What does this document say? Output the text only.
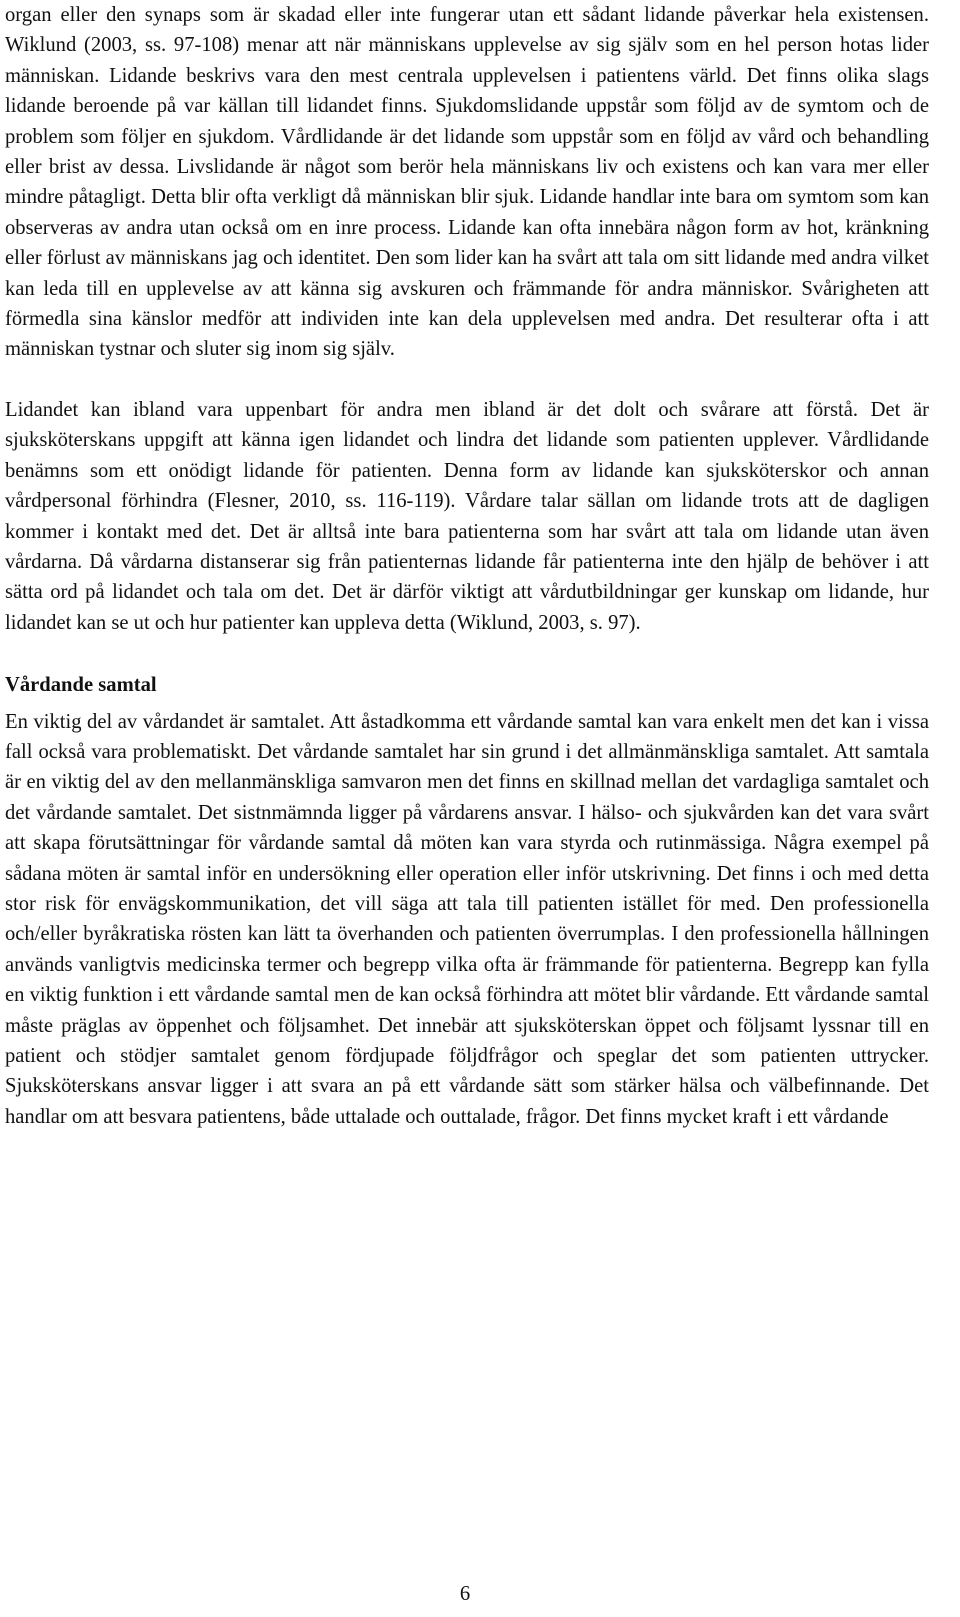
organ eller den synaps som är skadad eller inte fungerar utan ett sådant lidande påverkar hela existensen. Wiklund (2003, ss. 97-108) menar att när människans upplevelse av sig själv som en hel person hotas lider människan. Lidande beskrivs vara den mest centrala upplevelsen i patientens värld. Det finns olika slags lidande beroende på var källan till lidandet finns. Sjukdomslidande uppstår som följd av de symtom och de problem som följer en sjukdom. Vårdlidande är det lidande som uppstår som en följd av vård och behandling eller brist av dessa. Livslidande är något som berör hela människans liv och existens och kan vara mer eller mindre påtagligt. Detta blir ofta verkligt då människan blir sjuk. Lidande handlar inte bara om symtom som kan observeras av andra utan också om en inre process. Lidande kan ofta innebära någon form av hot, kränkning eller förlust av människans jag och identitet. Den som lider kan ha svårt att tala om sitt lidande med andra vilket kan leda till en upplevelse av att känna sig avskuren och främmande för andra människor. Svårigheten att förmedla sina känslor medför att individen inte kan dela upplevelsen med andra. Det resulterar ofta i att människan tystnar och sluter sig inom sig själv.

Lidandet kan ibland vara uppenbart för andra men ibland är det dolt och svårare att förstå. Det är sjuksköterskans uppgift att känna igen lidandet och lindra det lidande som patienten upplever. Vårdlidande benämns som ett onödigt lidande för patienten. Denna form av lidande kan sjuksköterskor och annan vårdpersonal förhindra (Flesner, 2010, ss. 116-119). Vårdare talar sällan om lidande trots att de dagligen kommer i kontakt med det. Det är alltså inte bara patienterna som har svårt att tala om lidande utan även vårdarna. Då vårdarna distanserar sig från patienternas lidande får patienterna inte den hjälp de behöver i att sätta ord på lidandet och tala om det. Det är därför viktigt att vårdutbildningar ger kunskap om lidande, hur lidandet kan se ut och hur patienter kan uppleva detta (Wiklund, 2003, s. 97).

Vårdande samtal

En viktig del av vårdandet är samtalet. Att åstadkomma ett vårdande samtal kan vara enkelt men det kan i vissa fall också vara problematiskt. Det vårdande samtalet har sin grund i det allmänmänskliga samtalet. Att samtala är en viktig del av den mellanmänskliga samvaron men det finns en skillnad mellan det vardagliga samtalet och det vårdande samtalet. Det sistnmämnda ligger på vårdarens ansvar. I hälso- och sjukvården kan det vara svårt att skapa förutsättningar för vårdande samtal då möten kan vara styrda och rutinmässiga. Några exempel på sådana möten är samtal inför en undersökning eller operation eller inför utskrivning. Det finns i och med detta stor risk för envägskommunikation, det vill säga att tala till patienten istället för med. Den professionella och/eller byråkratiska rösten kan lätt ta överhanden och patienten överrumplas. I den professionella hållningen används vanligtvis medicinska termer och begrepp vilka ofta är främmande för patienterna. Begrepp kan fylla en viktig funktion i ett vårdande samtal men de kan också förhindra att mötet blir vårdande. Ett vårdande samtal måste präglas av öppenhet och följsamhet. Det innebär att sjuksköterskan öppet och följsamt lyssnar till en patient och stödjer samtalet genom fördjupade följdfrågor och speglar det som patienten uttrycker. Sjuksköterskans ansvar ligger i att svara an på ett vårdande sätt som stärker hälsa och välbefinnande. Det handlar om att besvara patientens, både uttalade och outtalade, frågor. Det finns mycket kraft i ett vårdande

6
